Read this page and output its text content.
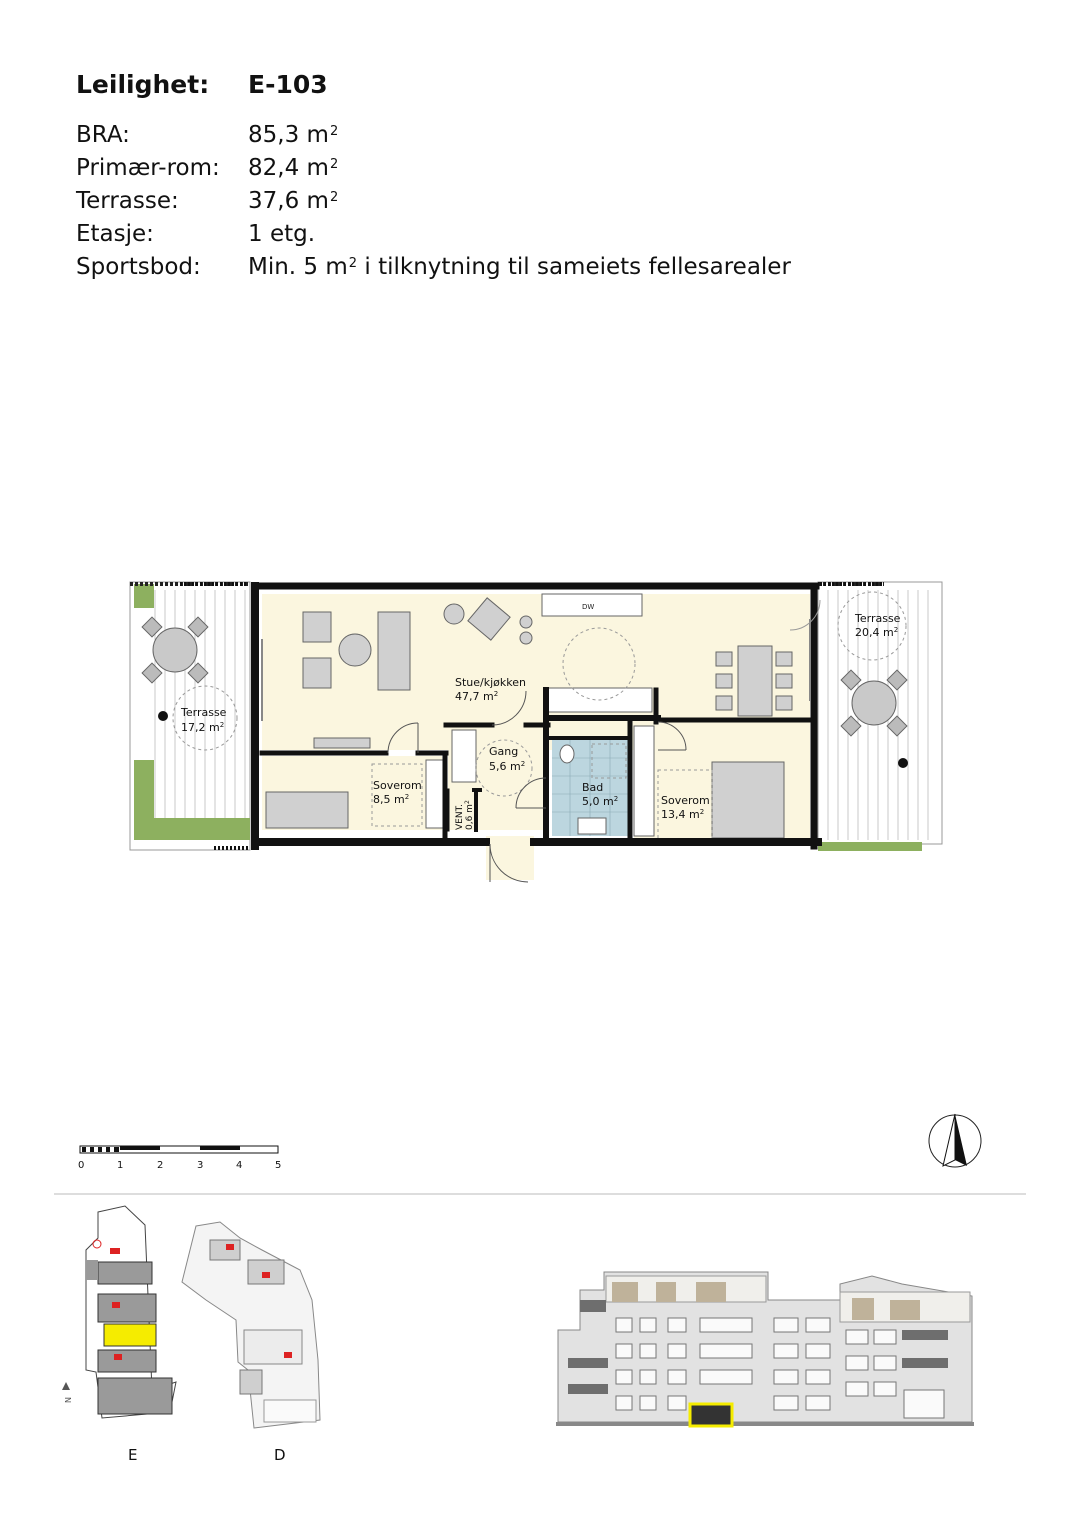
Leilighet: E-103
BRA:	85,3 $m^2$
Primær-rom: 82,4 $m^2$
Terrasse:	37,6 $m^2$
Etasje:	1 etg.
Sportsbod: Min. 5 $m^2$ i tilknytning til sameiets fellesarealer
DW
Terrasse
17,2 $m^2$
Stue/kjøkken
47,7 $m^2$
Terrasse
20,4 $m^2$
Soverom
8,5 $m^2$
Gang
5,6 $m^2$
Bad
5,0 $m^2$	Soverom
13,4 $m^2$
VENT. 0,6 $m^2$
0	1	2	3	4	5
N
E	D
